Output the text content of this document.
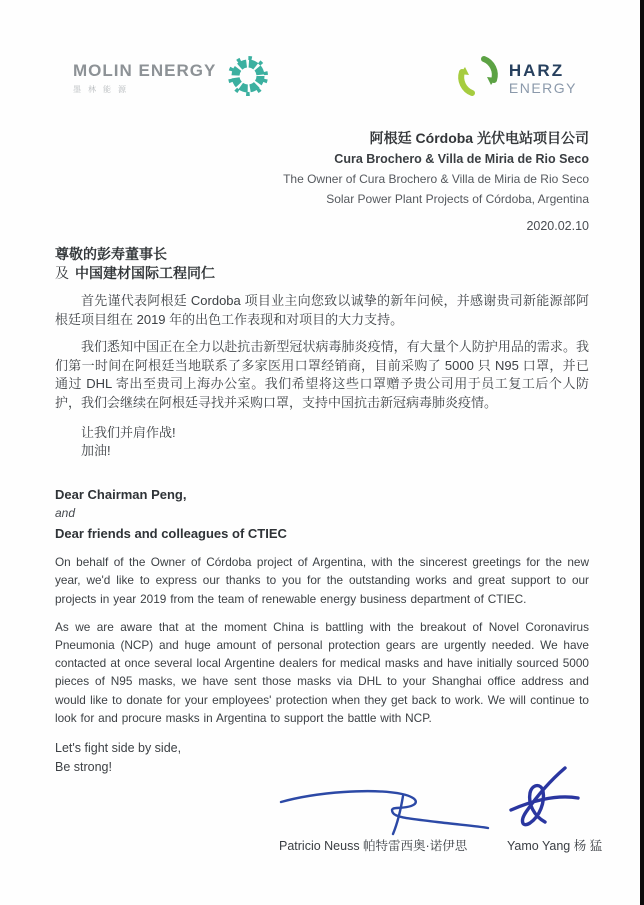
MOLIN ENERGY
墨林能源
HARZ
ENERGY
阿根廷 Córdoba 光伏电站项目公司
Cura Brochero & Villa de Miria de Rio Seco
The Owner of Cura Brochero & Villa de Miria de Rio Seco
Solar Power Plant Projects of Córdoba, Argentina
2020.02.10
尊敬的彭寿董事长
及 中国建材国际工程同仁

首先谨代表阿根廷 Cordoba 项目业主向您致以诚挚的新年问候，并感谢贵司新能源部阿根廷项目组在 2019 年的出色工作表现和对项目的大力支持。

我们悉知中国正在全力以赴抗击新型冠状病毒肺炎疫情，有大量个人防护用品的需求。我们第一时间在阿根廷当地联系了多家医用口罩经销商，目前采购了 5000 只 N95 口罩，并已通过 DHL 寄出至贵司上海办公室。我们希望将这些口罩赠予贵公司用于员工复工后个人防护，我们会继续在阿根廷寻找并采购口罩，支持中国抗击新冠病毒肺炎疫情。

让我们并肩作战!

加油!

Dear Chairman Peng,
and
Dear friends and colleagues of CTIEC

On behalf of the Owner of Córdoba project of Argentina, with the sincerest greetings for the new year, we'd like to express our thanks to you for the outstanding works and great support to our projects in year 2019 from the team of renewable energy business department of CTIEC.

As we are aware that at the moment China is battling with the breakout of Novel Coronavirus Pneumonia (NCP) and huge amount of personal protection gears are urgently needed. We have contacted at once several local Argentine dealers for medical masks and have initially sourced 5000 pieces of N95 masks, we have sent those masks via DHL to your Shanghai office address and would like to donate for your employees' protection when they get back to work. We will continue to look for and procure masks in Argentina to support the battle with NCP.

Let's fight side by side,

Be strong!

Patricio Neuss 帕特雷西奥·诺伊思	Yamo Yang 杨 猛
